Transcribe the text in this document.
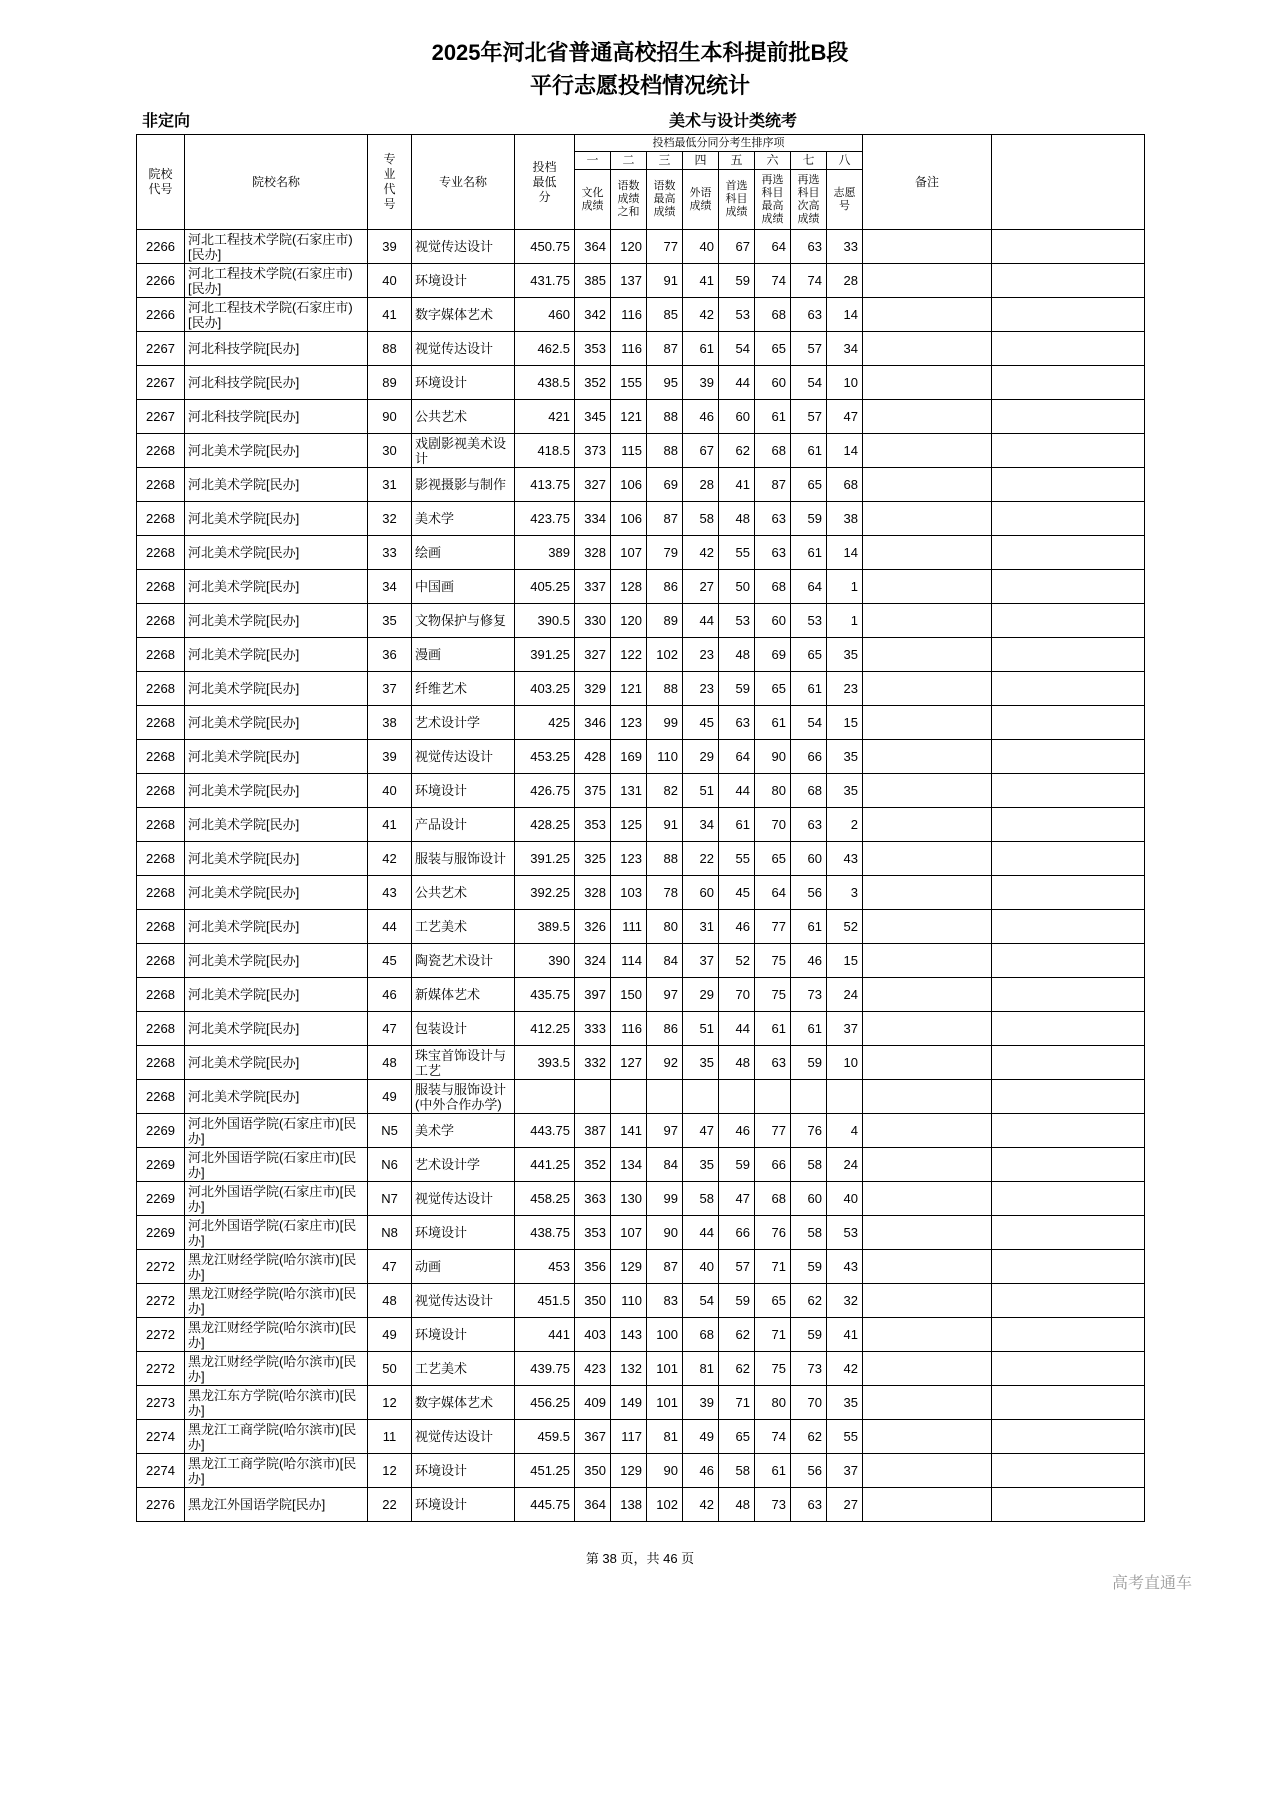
2025年河北省普通高校招生本科提前批B段
平行志愿投档情况统计
非定向	美术与设计类统考
院校代号	院校名称	专业代号	专业名称	投档最低分	投档最低分同分考生排序项								备注	
					一	二	三	四	五	六	七	八		
					文化成绩	语数成绩之和	语数最高成绩	外语成绩	首选科目成绩	再选科目最高成绩	再选科目次高成绩	志愿号		
2266	河北工程技术学院(石家庄市)[民办]	39	视觉传达设计	450.75	364	120	77	40	67	64	63	33		
2266	河北工程技术学院(石家庄市)[民办]	40	环境设计	431.75	385	137	91	41	59	74	74	28		
2266	河北工程技术学院(石家庄市)[民办]	41	数字媒体艺术	460	342	116	85	42	53	68	63	14		
2267	河北科技学院[民办]	88	视觉传达设计	462.5	353	116	87	61	54	65	57	34		
2267	河北科技学院[民办]	89	环境设计	438.5	352	155	95	39	44	60	54	10		
2267	河北科技学院[民办]	90	公共艺术	421	345	121	88	46	60	61	57	47		
2268	河北美术学院[民办]	30	戏剧影视美术设计	418.5	373	115	88	67	62	68	61	14		
2268	河北美术学院[民办]	31	影视摄影与制作	413.75	327	106	69	28	41	87	65	68		
2268	河北美术学院[民办]	32	美术学	423.75	334	106	87	58	48	63	59	38		
2268	河北美术学院[民办]	33	绘画	389	328	107	79	42	55	63	61	14		
2268	河北美术学院[民办]	34	中国画	405.25	337	128	86	27	50	68	64	1		
2268	河北美术学院[民办]	35	文物保护与修复	390.5	330	120	89	44	53	60	53	1		
2268	河北美术学院[民办]	36	漫画	391.25	327	122	102	23	48	69	65	35		
2268	河北美术学院[民办]	37	纤维艺术	403.25	329	121	88	23	59	65	61	23		
2268	河北美术学院[民办]	38	艺术设计学	425	346	123	99	45	63	61	54	15		
2268	河北美术学院[民办]	39	视觉传达设计	453.25	428	169	110	29	64	90	66	35		
2268	河北美术学院[民办]	40	环境设计	426.75	375	131	82	51	44	80	68	35		
2268	河北美术学院[民办]	41	产品设计	428.25	353	125	91	34	61	70	63	2		
2268	河北美术学院[民办]	42	服装与服饰设计	391.25	325	123	88	22	55	65	60	43		
2268	河北美术学院[民办]	43	公共艺术	392.25	328	103	78	60	45	64	56	3		
2268	河北美术学院[民办]	44	工艺美术	389.5	326	111	80	31	46	77	61	52		
2268	河北美术学院[民办]	45	陶瓷艺术设计	390	324	114	84	37	52	75	46	15		
2268	河北美术学院[民办]	46	新媒体艺术	435.75	397	150	97	29	70	75	73	24		
2268	河北美术学院[民办]	47	包装设计	412.25	333	116	86	51	44	61	61	37		
2268	河北美术学院[民办]	48	珠宝首饰设计与工艺	393.5	332	127	92	35	48	63	59	10		
2268	河北美术学院[民办]	49	服装与服饰设计(中外合作办学)											
2269	河北外国语学院(石家庄市)[民办]	N5	美术学	443.75	387	141	97	47	46	77	76	4		
2269	河北外国语学院(石家庄市)[民办]	N6	艺术设计学	441.25	352	134	84	35	59	66	58	24		
2269	河北外国语学院(石家庄市)[民办]	N7	视觉传达设计	458.25	363	130	99	58	47	68	60	40		
2269	河北外国语学院(石家庄市)[民办]	N8	环境设计	438.75	353	107	90	44	66	76	58	53		
2272	黑龙江财经学院(哈尔滨市)[民办]	47	动画	453	356	129	87	40	57	71	59	43		
2272	黑龙江财经学院(哈尔滨市)[民办]	48	视觉传达设计	451.5	350	110	83	54	59	65	62	32		
2272	黑龙江财经学院(哈尔滨市)[民办]	49	环境设计	441	403	143	100	68	62	71	59	41		
2272	黑龙江财经学院(哈尔滨市)[民办]	50	工艺美术	439.75	423	132	101	81	62	75	73	42		
2273	黑龙江东方学院(哈尔滨市)[民办]	12	数字媒体艺术	456.25	409	149	101	39	71	80	70	35		
2274	黑龙江工商学院(哈尔滨市)[民办]	11	视觉传达设计	459.5	367	117	81	49	65	74	62	55		
2274	黑龙江工商学院(哈尔滨市)[民办]	12	环境设计	451.25	350	129	90	46	58	61	56	37		
2276	黑龙江外国语学院[民办]	22	环境设计	445.75	364	138	102	42	48	73	63	27		
第 38 页，共 46 页
高考直通车
